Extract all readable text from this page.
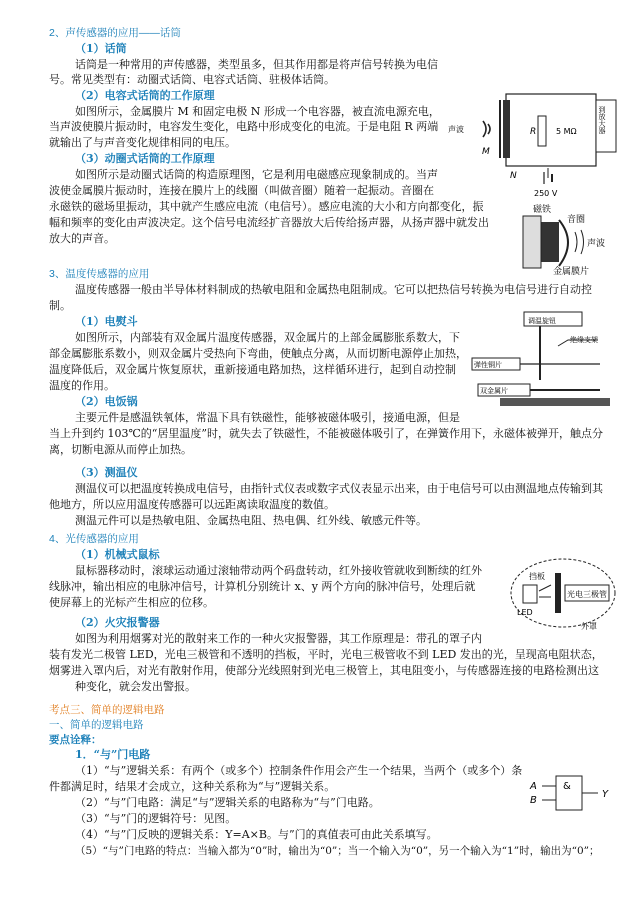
2、声传感器的应用——话筒
（1）话筒
话筒是一种常用的声传感器，类型虽多，但其作用都是将声信号转换为电信
号。常见类型有：动圈式话筒、电容式话筒、驻极体话筒。
（2）电容式话筒的工作原理
如图所示，金属膜片 M 和固定电极 N 形成一个电容器，被直流电源充电，
当声波使膜片振动时，电容发生变化，电路中形成变化的电流。于是电阻 R 两端
就输出了与声音变化规律相同的电压。
（3）动圈式话筒的工作原理
如图所示是动圈式话筒的构造原理图，它是利用电磁感应现象制成的。当声
波使金属膜片振动时，连接在膜片上的线圈（叫做音圈）随着一起振动。音圈在
永磁铁的磁场里振动，其中就产生感应电流（电信号）。感应电流的大小和方向都变化，振
幅和频率的变化由声波决定。这个信号电流经扩音器放大后传给扬声器，从扬声器中就发出
放大的声音。
声波
M
N
R 5 MΩ	到放大器
250 V
磁铁
音圈
声波
金属膜片
3、温度传感器的应用
温度传感器一般由半导体材料制成的热敏电阻和金属热电阻制成。它可以把热信号转换为电信号进行自动控
制。
（1）电熨斗
如图所示，内部装有双金属片温度传感器，双金属片的上部金属膨胀系数大，下
部金属膨胀系数小，则双金属片受热向下弯曲，使触点分离，从而切断电源停止加热，
温度降低后，双金属片恢复原状，重新接通电路加热，这样循环进行，起到自动控制
温度的作用。
（2）电饭锅
主要元件是感温铁氧体，常温下具有铁磁性，能够被磁体吸引，接通电源，但是
当上升到约 103℃的“居里温度”时，就失去了铁磁性，不能被磁体吸引了，在弹簧作用下，永磁体被弹开，触点分
离，切断电源从而停止加热。
（3）测温仪
测温仪可以把温度转换成电信号，由指针式仪表或数字式仪表显示出来，由于电信号可以由测温地点传输到其
他地方，所以应用温度传感器可以远距离读取温度的数值。
测温元件可以是热敏电阻、金属热电阻、热电偶、红外线、敏感元件等。
调温旋钮
绝缘支架
弹性铜片
双金属片
4、光传感器的应用
（1）机械式鼠标
鼠标器移动时，滚球运动通过滚轴带动两个码盘转动，红外接收管就收到断续的红外
线脉冲，输出相应的电脉冲信号，计算机分别统计 x、y 两个方向的脉冲信号，处理后就
使屏幕上的光标产生相应的位移。
（2）火灾报警器
如图为利用烟雾对光的散射来工作的一种火灾报警器，其工作原理是：带孔的罩子内
装有发光二极管 LED，光电三极管和不透明的挡板，平时，光电三极管收不到 LED 发出的光，呈现高电阻状态，
烟雾进入罩内后，对光有散射作用，使部分光线照射到光电三极管上，其电阻变小，与传感器连接的电路检测出这
种变化，就会发出警报。
挡板
LED
光电三极管
外罩
考点三、简单的逻辑电路
一、简单的逻辑电路
要点诠释：
1．“与”门电路
（1）“与”逻辑关系：有两个（或多个）控制条件作用会产生一个结果，当两个（或多个）条
件都满足时，结果才会成立，这种关系称为“与”逻辑关系。
（2）“与”门电路：满足“与”逻辑关系的电路称为“与”门电路。
（3）“与”门的逻辑符号：见图。
（4）“与”门反映的逻辑关系：Y=A×B。与”门的真值表可由此关系填写。
（5）“与”门电路的特点：当输入都为“0”时，输出为“0”；当一个输入为“0”，另一个输入为“1”时，输出为“0”；
A
B
&
Y
